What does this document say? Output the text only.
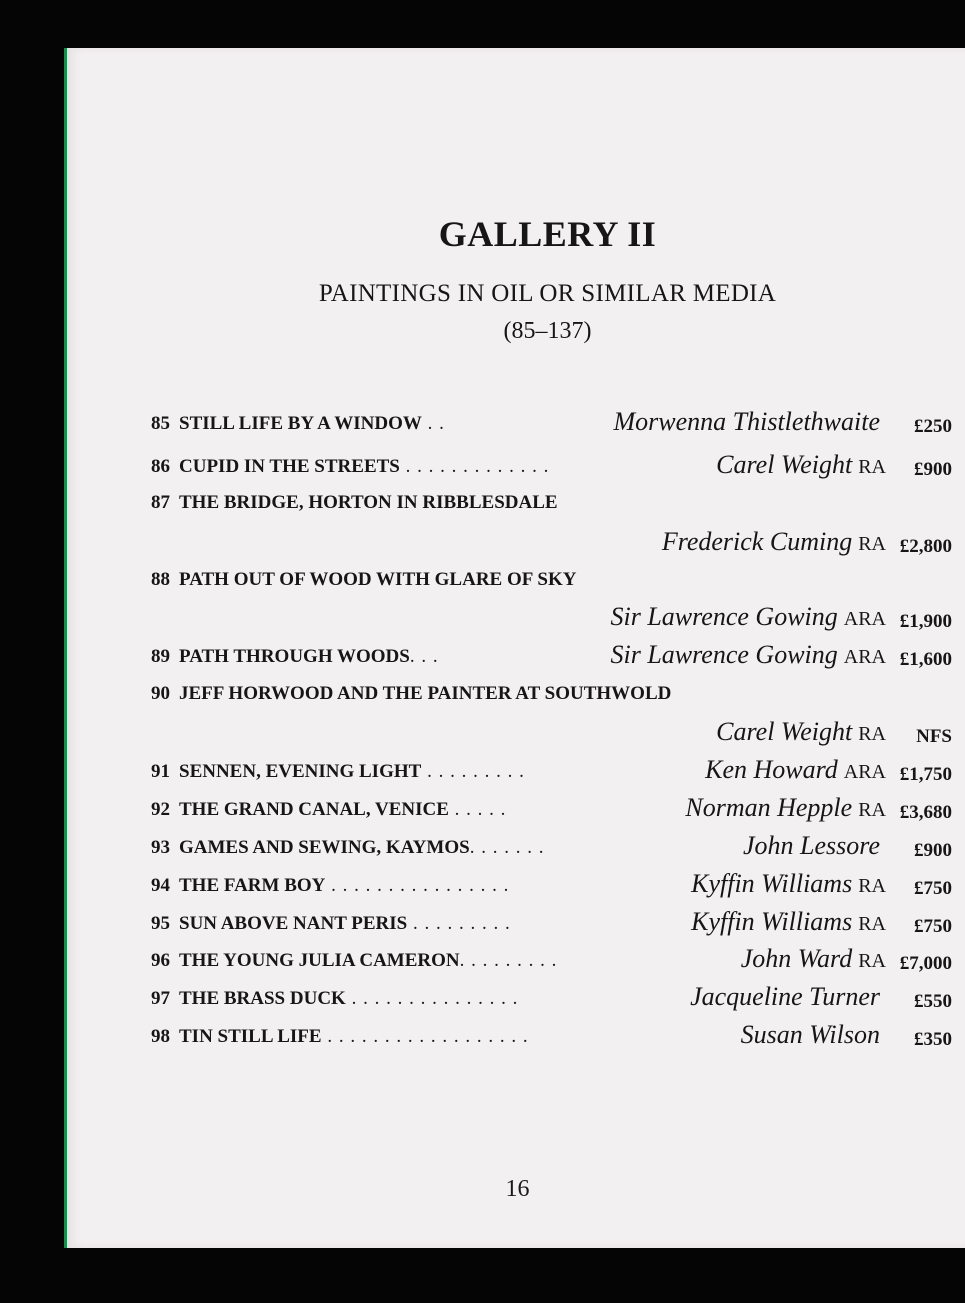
GALLERY II
PAINTINGS IN OIL OR SIMILAR MEDIA
(85–137)
85 STILL LIFE BY A WINDOW . .	Morwenna Thistlethwaite	£250
86 CUPID IN THE STREETS . . . . . . . . . . . . .	Carel Weight RA	£900
87 THE BRIDGE, HORTON IN RIBBLESDALE
Frederick Cuming RA £2,800
88 PATH OUT OF WOOD WITH GLARE OF SKY
Sir Lawrence Gowing ARA £1,900
89 PATH THROUGH WOODS. . .	Sir Lawrence Gowing ARA £1,600
90 JEFF HORWOOD AND THE PAINTER AT SOUTHWOLD
Carel Weight RA	NFS
91 SENNEN, EVENING LIGHT . . . . . . . . .	Ken Howard ARA £1,750
92 THE GRAND CANAL, VENICE . . . . .	Norman Hepple RA £3,680
93 GAMES AND SEWING, KAYMOS. . . . . . .	John Lessore	£900
94 THE FARM BOY . . . . . . . . . . . . . . . .	Kyffin Williams RA	£750
95 SUN ABOVE NANT PERIS . . . . . . . . .	Kyffin Williams RA	£750
96 THE YOUNG JULIA CAMERON. . . . . . . . .	John Ward RA £7,000
97 THE BRASS DUCK . . . . . . . . . . . . . . .	Jacqueline Turner	£550
98 TIN STILL LIFE . . . . . . . . . . . . . . . . . .	Susan Wilson	£350
16
